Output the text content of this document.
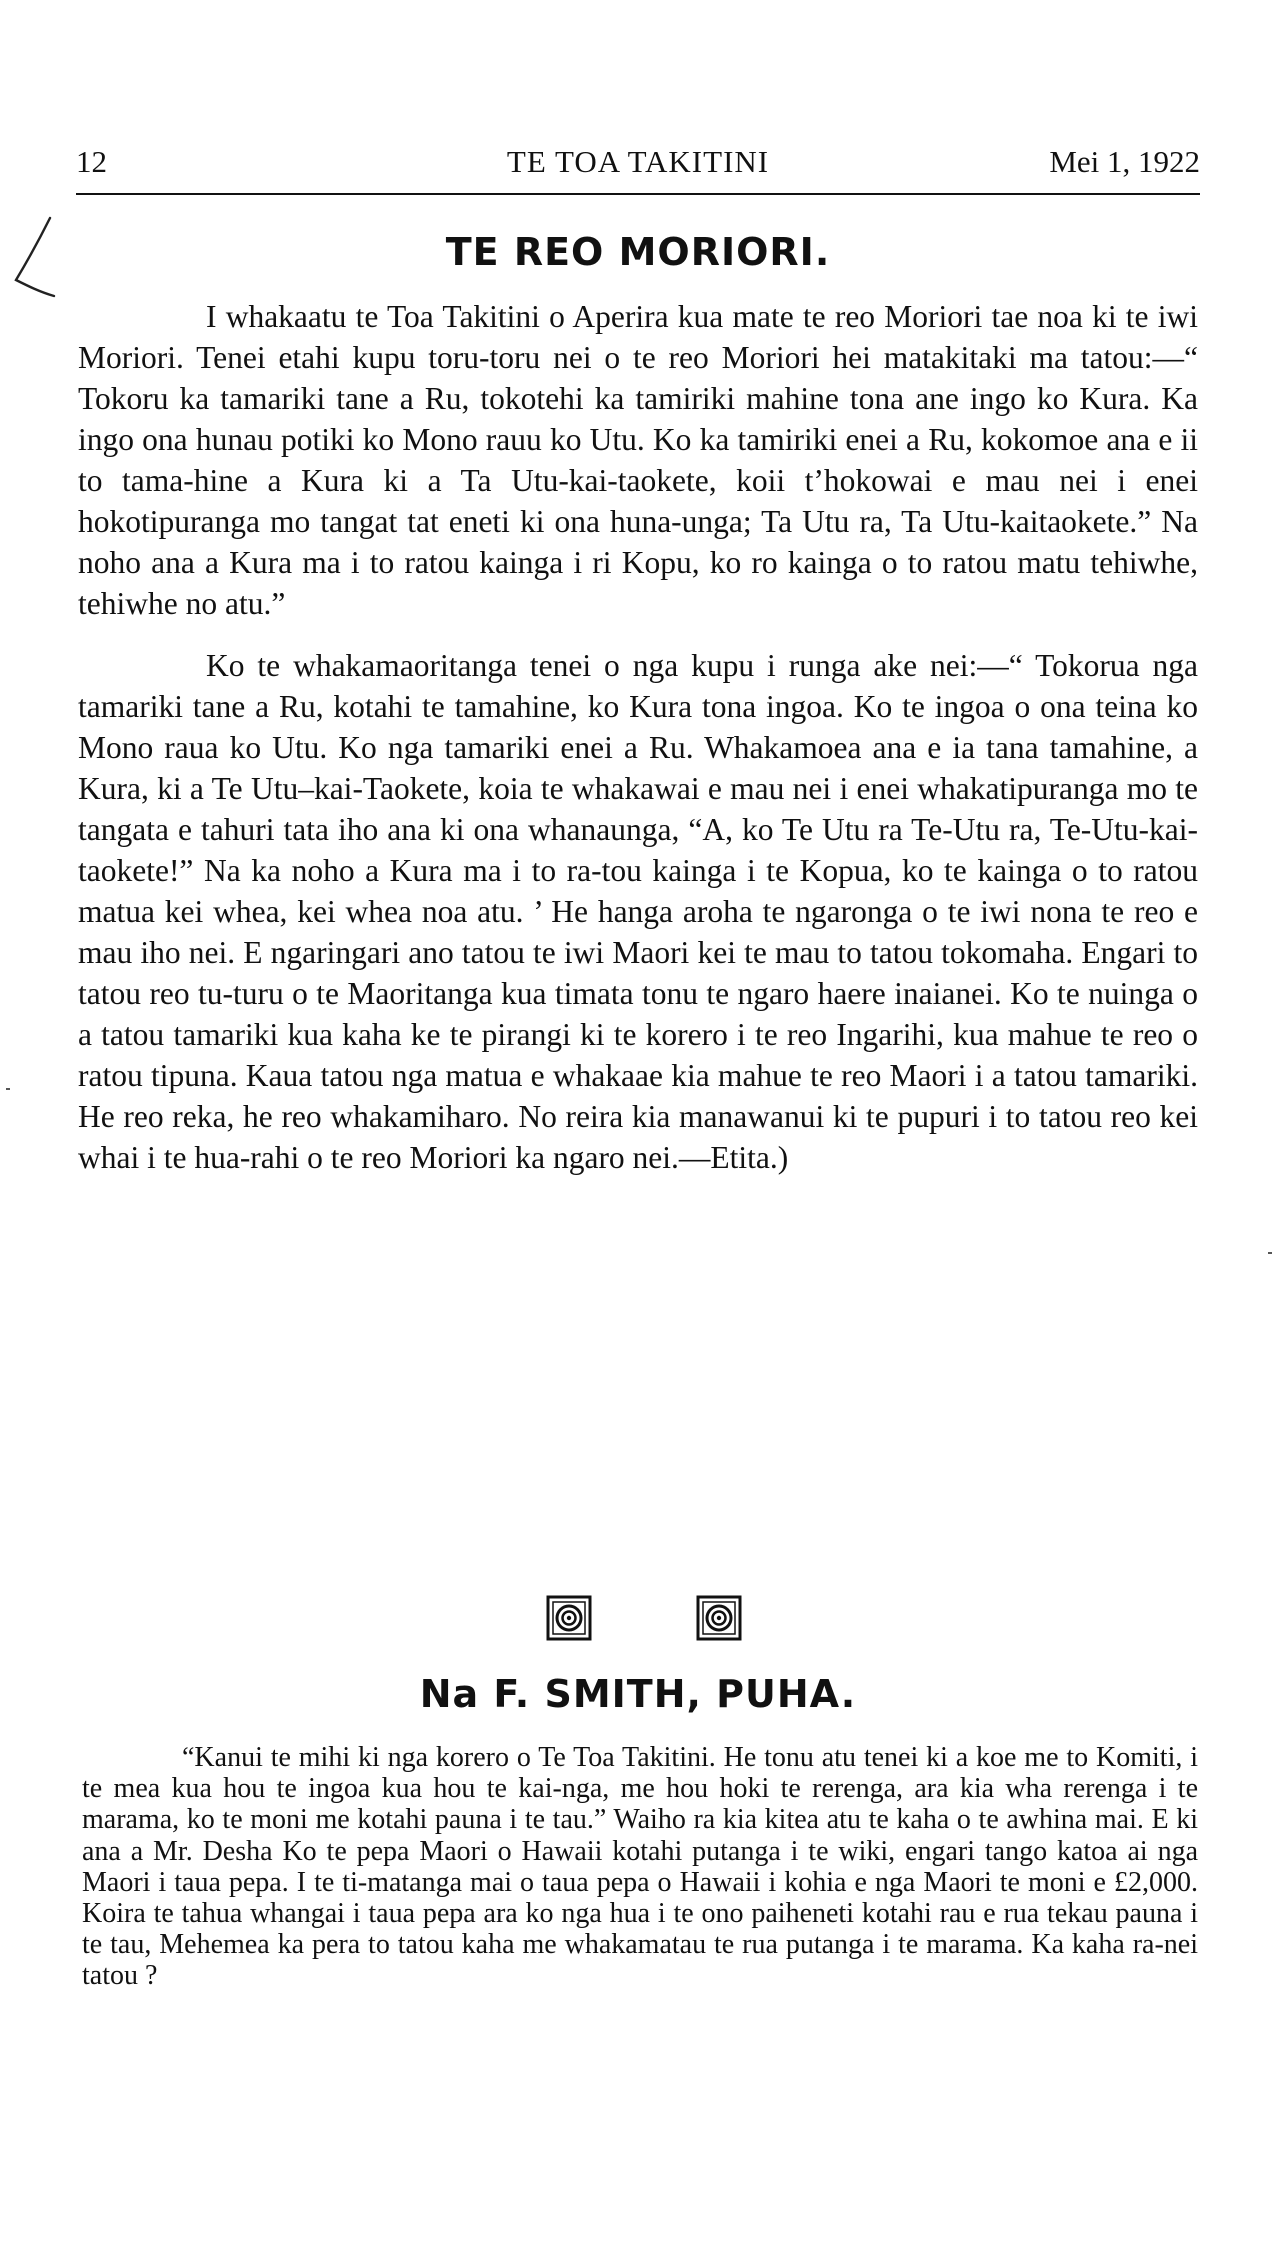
12	TE TOA TAKITINI	Mei 1, 1922
TE REO MORIORI.

I whakaatu te Toa Takitini o Aperira kua mate te reo Moriori tae noa ki te iwi Moriori. Tenei etahi kupu toru-toru nei o te reo Moriori hei matakitaki ma tatou:—“ Tokoru ka tamariki tane a Ru, tokotehi ka tamiriki mahine tona ane ingo ko Kura. Ka ingo ona hunau potiki ko Mono rauu ko Utu. Ko ka tamiriki enei a Ru, kokomoe ana e ii to tama-hine a Kura ki a Ta Utu-kai-taokete, koii t’hokowai e mau nei i enei hokotipuranga mo tangat tat eneti ki ona huna-unga; Ta Utu ra, Ta Utu-kaitaokete.” Na noho ana a Kura ma i to ratou kainga i ri Kopu, ko ro kainga o to ratou matu tehiwhe, tehiwhe no atu.”

Ko te whakamaoritanga tenei o nga kupu i runga ake nei:—“ Tokorua nga tamariki tane a Ru, kotahi te tamahine, ko Kura tona ingoa. Ko te ingoa o ona teina ko Mono raua ko Utu. Ko nga tamariki enei a Ru. Whakamoea ana e ia tana tamahine, a Kura, ki a Te Utu–kai-Taokete, koia te whakawai e mau nei i enei whakatipuranga mo te tangata e tahuri tata iho ana ki ona whanaunga, “A, ko Te Utu ra Te-Utu ra, Te-Utu-kai-taokete!” Na ka noho a Kura ma i to ra-tou kainga i te Kopua, ko te kainga o to ratou matua kei whea, kei whea noa atu. ’ He hanga aroha te ngaronga o te iwi nona te reo e mau iho nei. E ngaringari ano tatou te iwi Maori kei te mau to tatou tokomaha. Engari to tatou reo tu-turu o te Maoritanga kua timata tonu te ngaro haere inaianei. Ko te nuinga o a tatou tamariki kua kaha ke te pirangi ki te korero i te reo Ingarihi, kua mahue te reo o ratou tipuna. Kaua tatou nga matua e whakaae kia mahue te reo Maori i a tatou tamariki. He reo reka, he reo whakamiharo. No reira kia manawanui ki te pupuri i to tatou reo kei whai i te hua-rahi o te reo Moriori ka ngaro nei.—Etita.)

Na F. SMITH, PUHA.

“Kanui te mihi ki nga korero o Te Toa Takitini. He tonu atu tenei ki a koe me to Komiti, i te mea kua hou te ingoa kua hou te kai-nga, me hou hoki te rerenga, ara kia wha rerenga i te marama, ko te moni me kotahi pauna i te tau.” Waiho ra kia kitea atu te kaha o te awhina mai. E ki ana a Mr. Desha Ko te pepa Maori o Hawaii kotahi putanga i te wiki, engari tango katoa ai nga Maori i taua pepa. I te ti-matanga mai o taua pepa o Hawaii i kohia e nga Maori te moni e £2,000. Koira te tahua whangai i taua pepa ara ko nga hua i te ono paiheneti kotahi rau e rua tekau pauna i te tau, Mehemea ka pera to tatou kaha me whakamatau te rua putanga i te marama. Ka kaha ra-nei tatou ?
